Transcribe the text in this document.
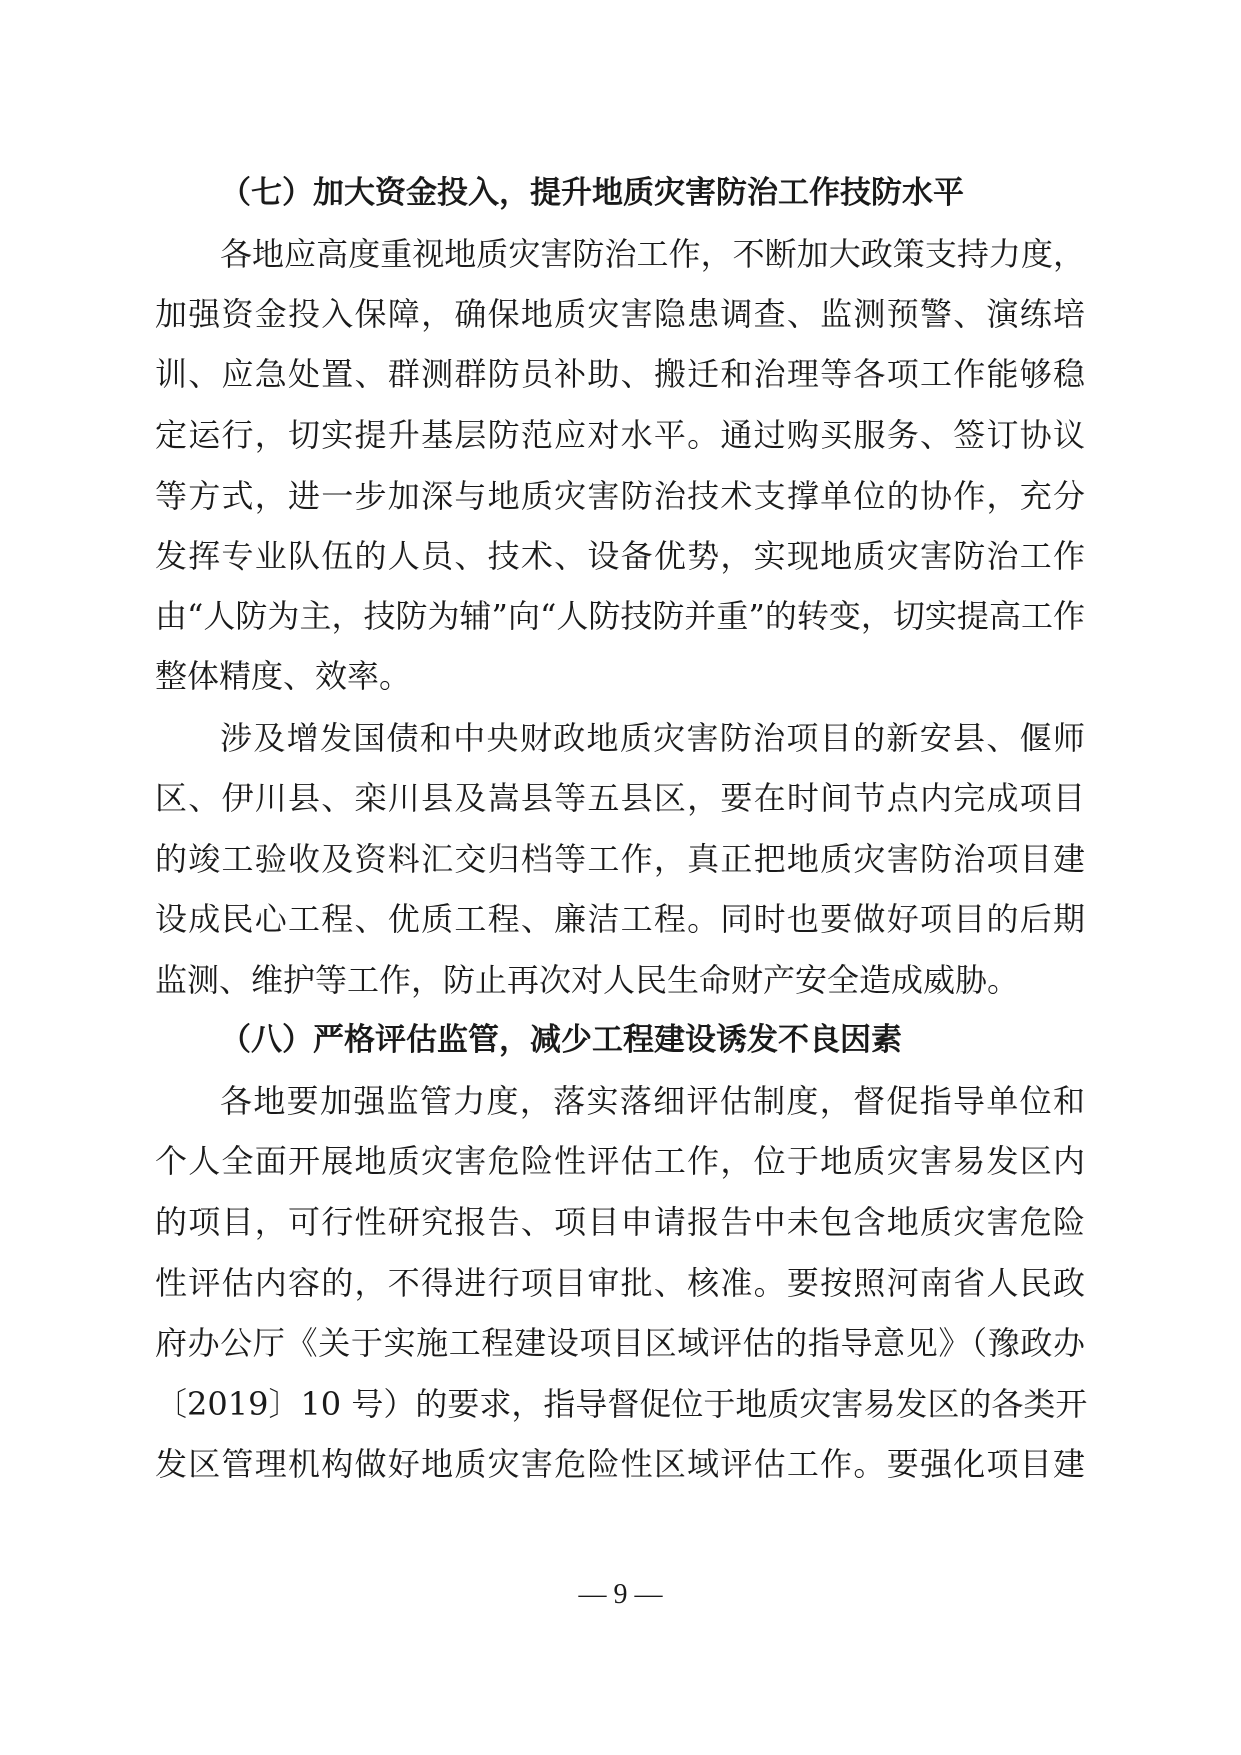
（七）加大资金投入，提升地质灾害防治工作技防水平
各地应高度重视地质灾害防治工作，不断加大政策支持力度，
加强资金投入保障，确保地质灾害隐患调查、监测预警、演练培
训、应急处置、群测群防员补助、搬迁和治理等各项工作能够稳
定运行，切实提升基层防范应对水平。通过购买服务、签订协议
等方式，进一步加深与地质灾害防治技术支撑单位的协作，充分
发挥专业队伍的人员、技术、设备优势，实现地质灾害防治工作
由“人防为主，技防为辅”向“人防技防并重”的转变，切实提高工作
整体精度、效率。
涉及增发国债和中央财政地质灾害防治项目的新安县、偃师
区、伊川县、栾川县及嵩县等五县区，要在时间节点内完成项目
的竣工验收及资料汇交归档等工作，真正把地质灾害防治项目建
设成民心工程、优质工程、廉洁工程。同时也要做好项目的后期
监测、维护等工作，防止再次对人民生命财产安全造成威胁。
（八）严格评估监管，减少工程建设诱发不良因素
各地要加强监管力度，落实落细评估制度，督促指导单位和
个人全面开展地质灾害危险性评估工作，位于地质灾害易发区内
的项目，可行性研究报告、项目申请报告中未包含地质灾害危险
性评估内容的，不得进行项目审批、核准。要按照河南省人民政
府办公厅《关于实施工程建设项目区域评估的指导意见》（豫政办
〔2019〕10 号）的要求，指导督促位于地质灾害易发区的各类开
发区管理机构做好地质灾害危险性区域评估工作。要强化项目建
— 9 —
